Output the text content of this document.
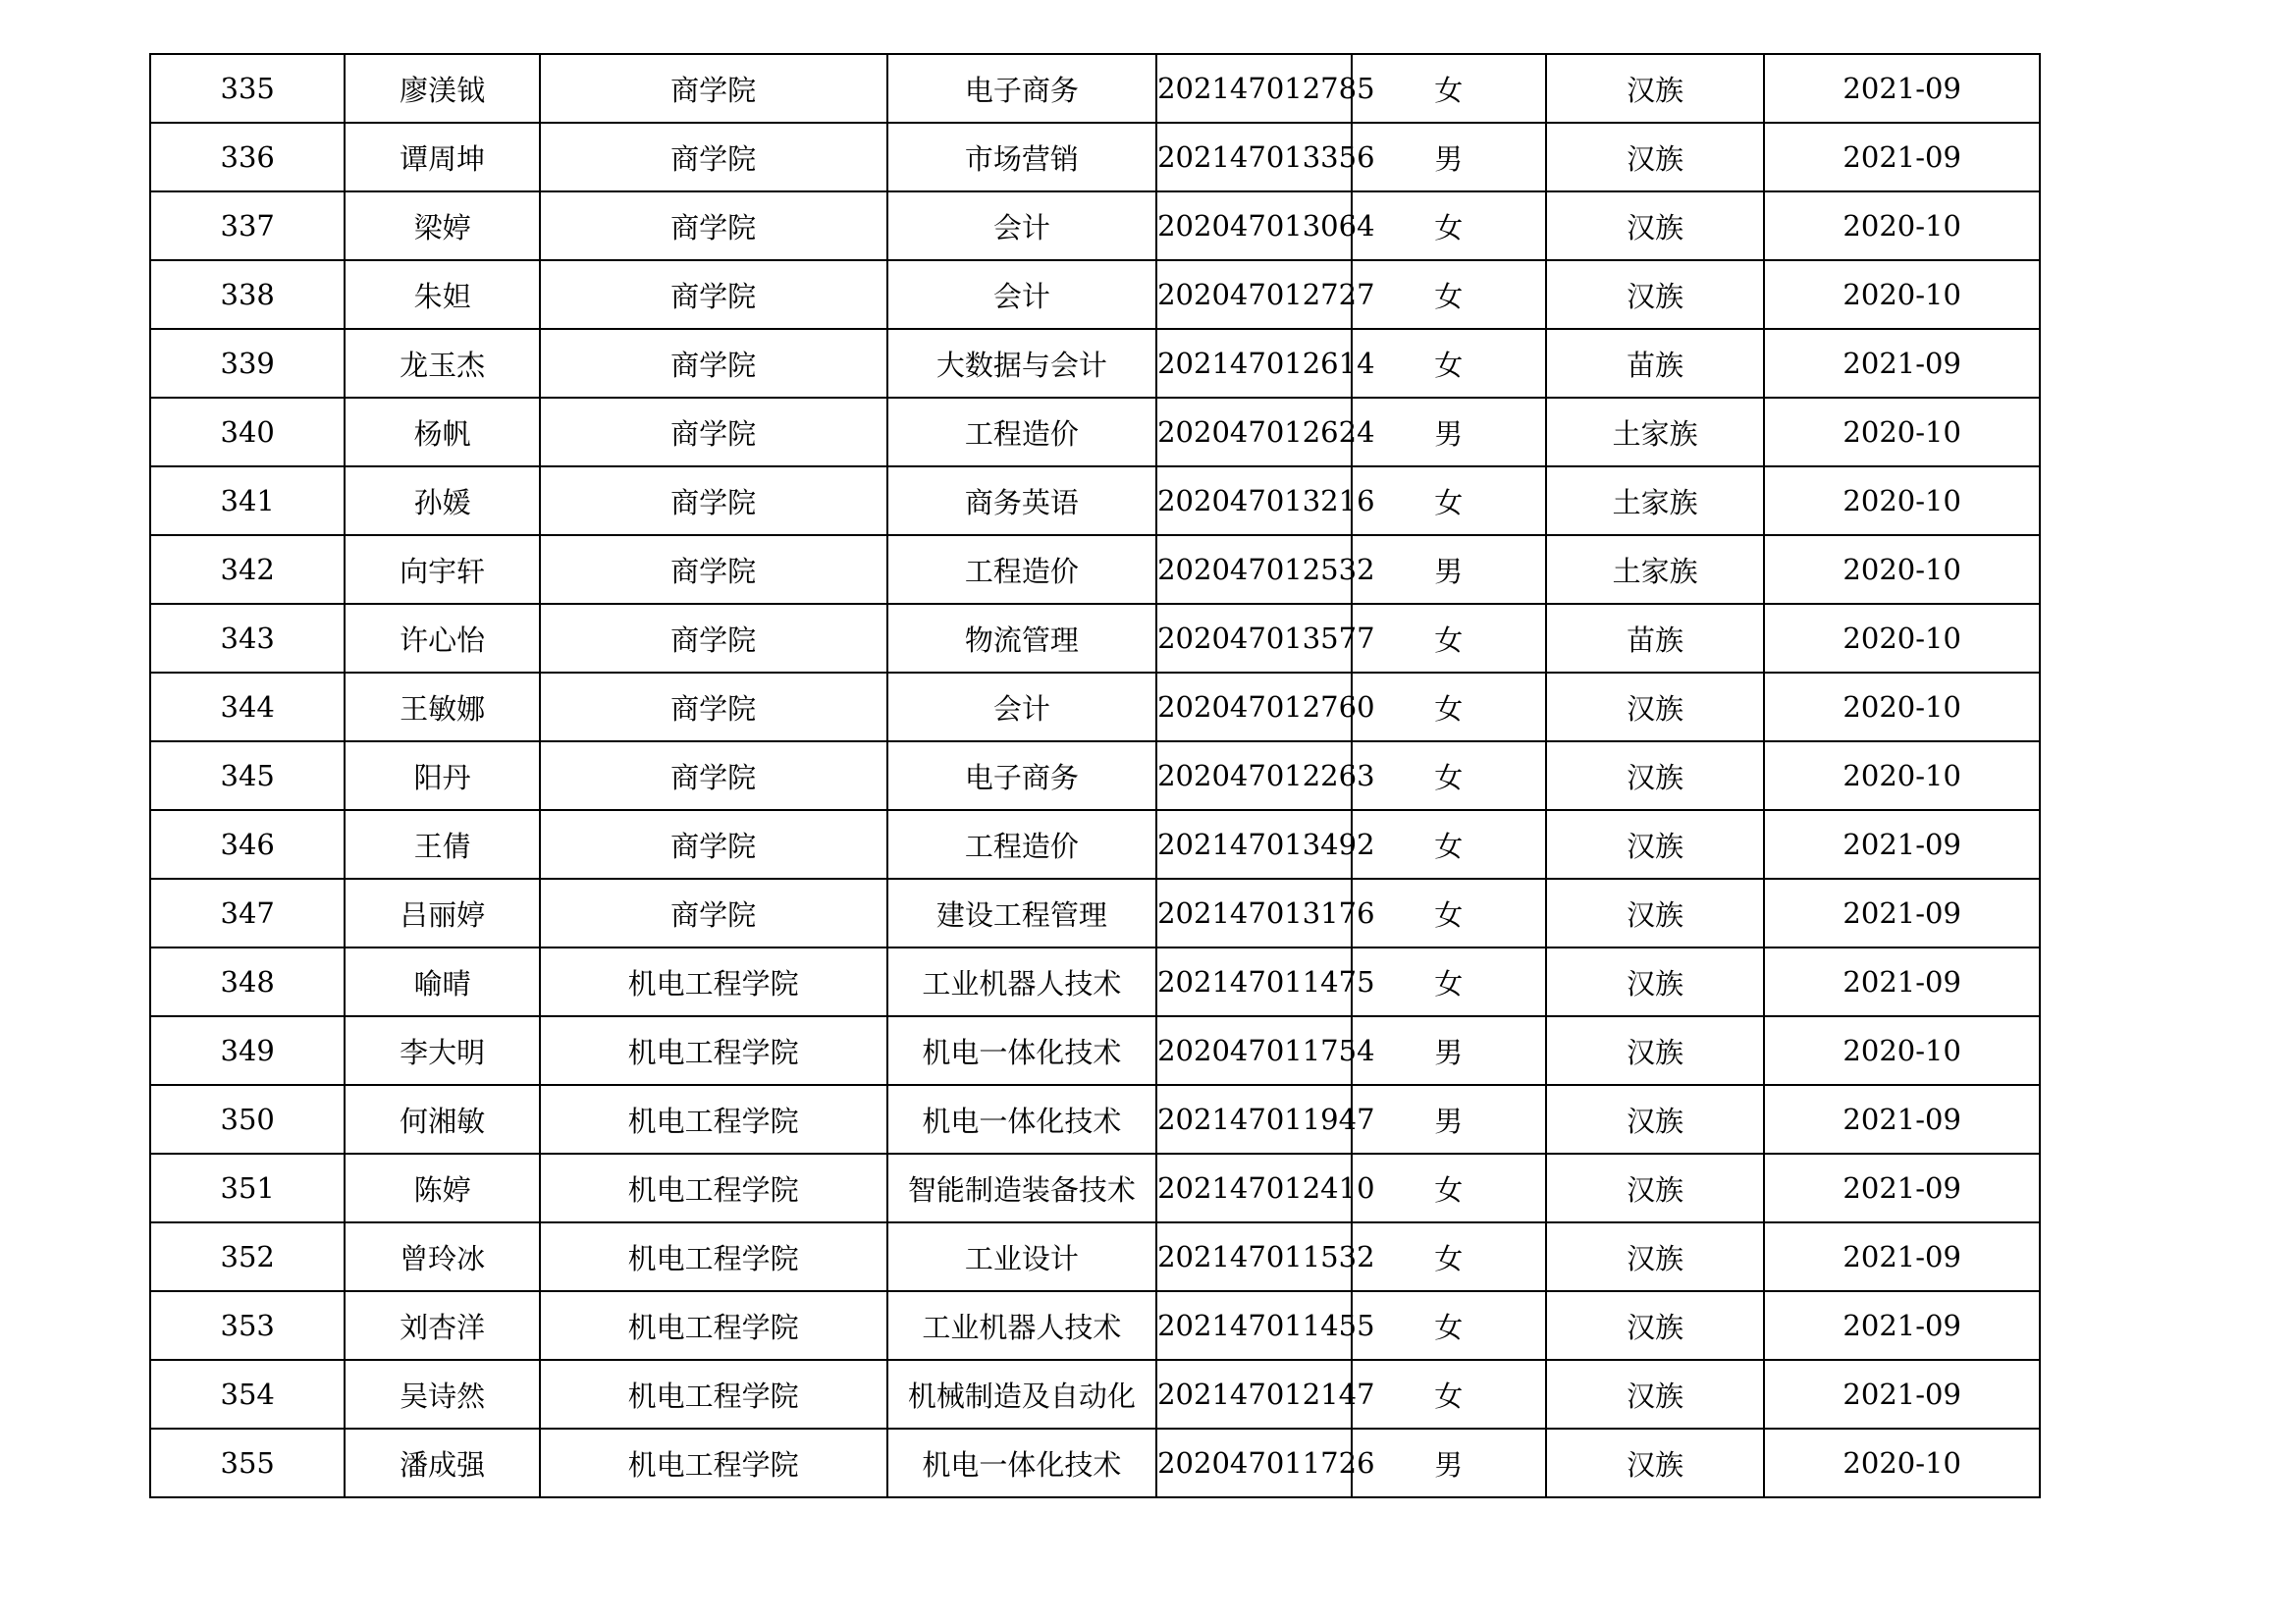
335	廖渼钺	商学院	电子商务	202147012785	女	汉族	2021-09
336	谭周坤	商学院	市场营销	202147013356	男	汉族	2021-09
337	梁婷	商学院	会计	202047013064	女	汉族	2020-10
338	朱妲	商学院	会计	202047012727	女	汉族	2020-10
339	龙玉杰	商学院	大数据与会计	202147012614	女	苗族	2021-09
340	杨帆	商学院	工程造价	202047012624	男	土家族	2020-10
341	孙媛	商学院	商务英语	202047013216	女	土家族	2020-10
342	向宇轩	商学院	工程造价	202047012532	男	土家族	2020-10
343	许心怡	商学院	物流管理	202047013577	女	苗族	2020-10
344	王敏娜	商学院	会计	202047012760	女	汉族	2020-10
345	阳丹	商学院	电子商务	202047012263	女	汉族	2020-10
346	王倩	商学院	工程造价	202147013492	女	汉族	2021-09
347	吕丽婷	商学院	建设工程管理	202147013176	女	汉族	2021-09
348	喻晴	机电工程学院	工业机器人技术	202147011475	女	汉族	2021-09
349	李大明	机电工程学院	机电一体化技术	202047011754	男	汉族	2020-10
350	何湘敏	机电工程学院	机电一体化技术	202147011947	男	汉族	2021-09
351	陈婷	机电工程学院	智能制造装备技术	202147012410	女	汉族	2021-09
352	曾玲冰	机电工程学院	工业设计	202147011532	女	汉族	2021-09
353	刘杏洋	机电工程学院	工业机器人技术	202147011455	女	汉族	2021-09
354	吴诗然	机电工程学院	机械制造及自动化	202147012147	女	汉族	2021-09
355	潘成强	机电工程学院	机电一体化技术	202047011726	男	汉族	2020-10
